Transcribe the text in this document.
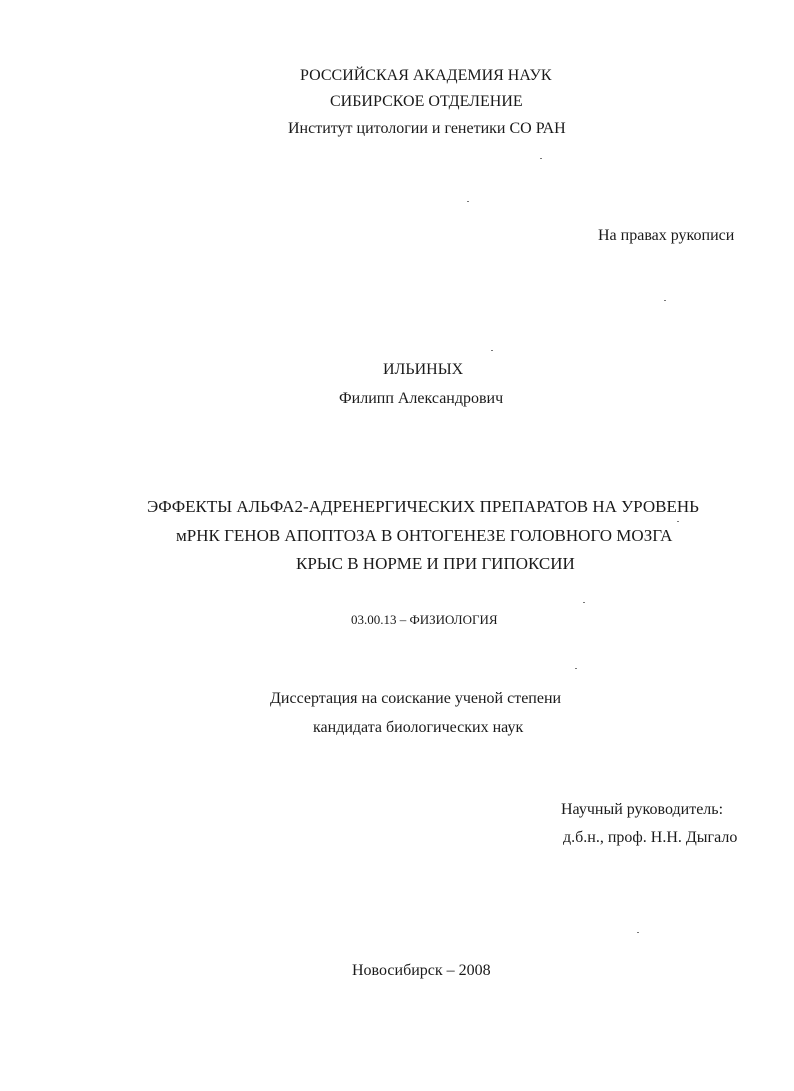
РОССИЙСКАЯ АКАДЕМИЯ НАУК
СИБИРСКОЕ ОТДЕЛЕНИЕ
Институт цитологии и генетики СО РАН
На правах рукописи
ИЛЬИНЫХ
Филипп Александрович
ЭФФЕКТЫ АЛЬФА2-АДРЕНЕРГИЧЕСКИХ ПРЕПАРАТОВ НА УРОВЕНЬ
мРНК ГЕНОВ АПОПТОЗА В ОНТОГЕНЕЗЕ ГОЛОВНОГО МОЗГА
КРЫС В НОРМЕ И ПРИ ГИПОКСИИ
03.00.13 – ФИЗИОЛОГИЯ
Диссертация на соискание ученой степени
кандидата биологических наук
Научный руководитель:
д.б.н., проф. Н.Н. Дыгало
Новосибирск – 2008
